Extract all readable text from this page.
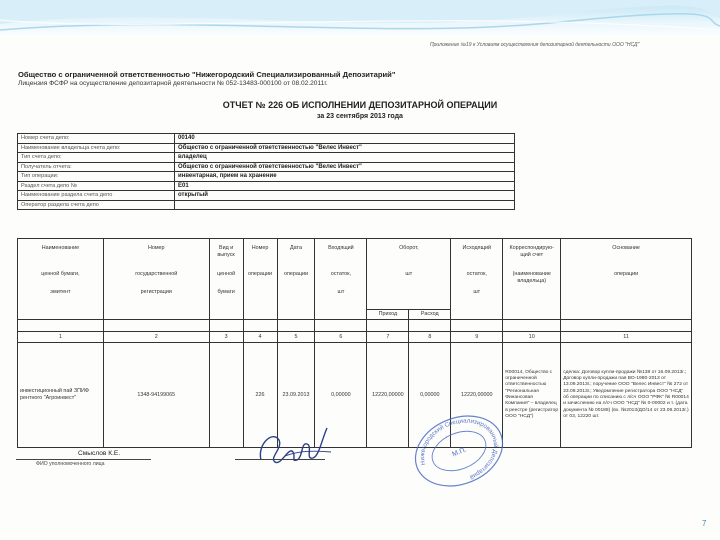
Приложение №19 к Условиям осуществления депозитарной деятельности ООО "НСД"
Общество с ограниченной ответственностью "Нижегородский Специализированный Депозитарий"
Лицензия ФСФР на осуществление депозитарной деятельности № 052-13483-000100 от 08.02.2011г.
ОТЧЕТ № 226 ОБ ИСПОЛНЕНИИ ДЕПОЗИТАРНОЙ ОПЕРАЦИИ
за 23 сентября 2013 года
Номер счета депо:	00140
Наименование владельца счета депо:	Общество с ограниченной ответственностью "Велес Инвест"
Тип счета депо:	владелец
Получатель отчета:	Общество с ограниченной ответственностью "Велес Инвест"
Тип операции:	инвентарная, прием на хранение
Раздел счета депо №	Е01
Наименование раздела счета депо	открытый
Оператор раздела счета депо	
Наименование
ценной бумаги,
эмитент	Номер
государственной
регистрации	Вид и выпуск
ценной
бумаги	Номер
операции	Дата
операции	Входящий
остаток,
шт	Оборот,
шт		Исходящий
остаток,
шт	Корреспондирую-щий счет
(наименование владельца)	Основание
операции

						Приход	Расход			

1	2	3	4	5	6	7	8	9	10	11
инвестиционный пай ЗПИФ рентного "Агроинвест"	1348-94199065		226	23.09.2013	0,00000	12220,00000	0,00000	12220,00000	R00014, Общество с ограниченной ответственностью "Региональная Финансовая Компания" – владелец в реестре (регистратор ООО "НСД")	сделка: Договор купли-продажи №138 от 16.09.2013г.; Договор купли-продажи пая ВО-1980-2013 от 13.09.2013г.; поручение ООО "Велес Инвест" № 272 от 23.09.2013г.; Уведомление регистратора ООО "НСД" об операции по списанию с л/сч ООО "РФК" № R00014 и зачислению на л/сч ООО "НСД" № 0-00002 и т. (дата документа № 00188) (вх. №2013/ДО/14 от 23.09.2013г.) от 03, 12220 шт.
Смыслов К.Е.
ФИО уполномоченного лица	Нижегородский Специализированный Депозитарий
М.П.
7
